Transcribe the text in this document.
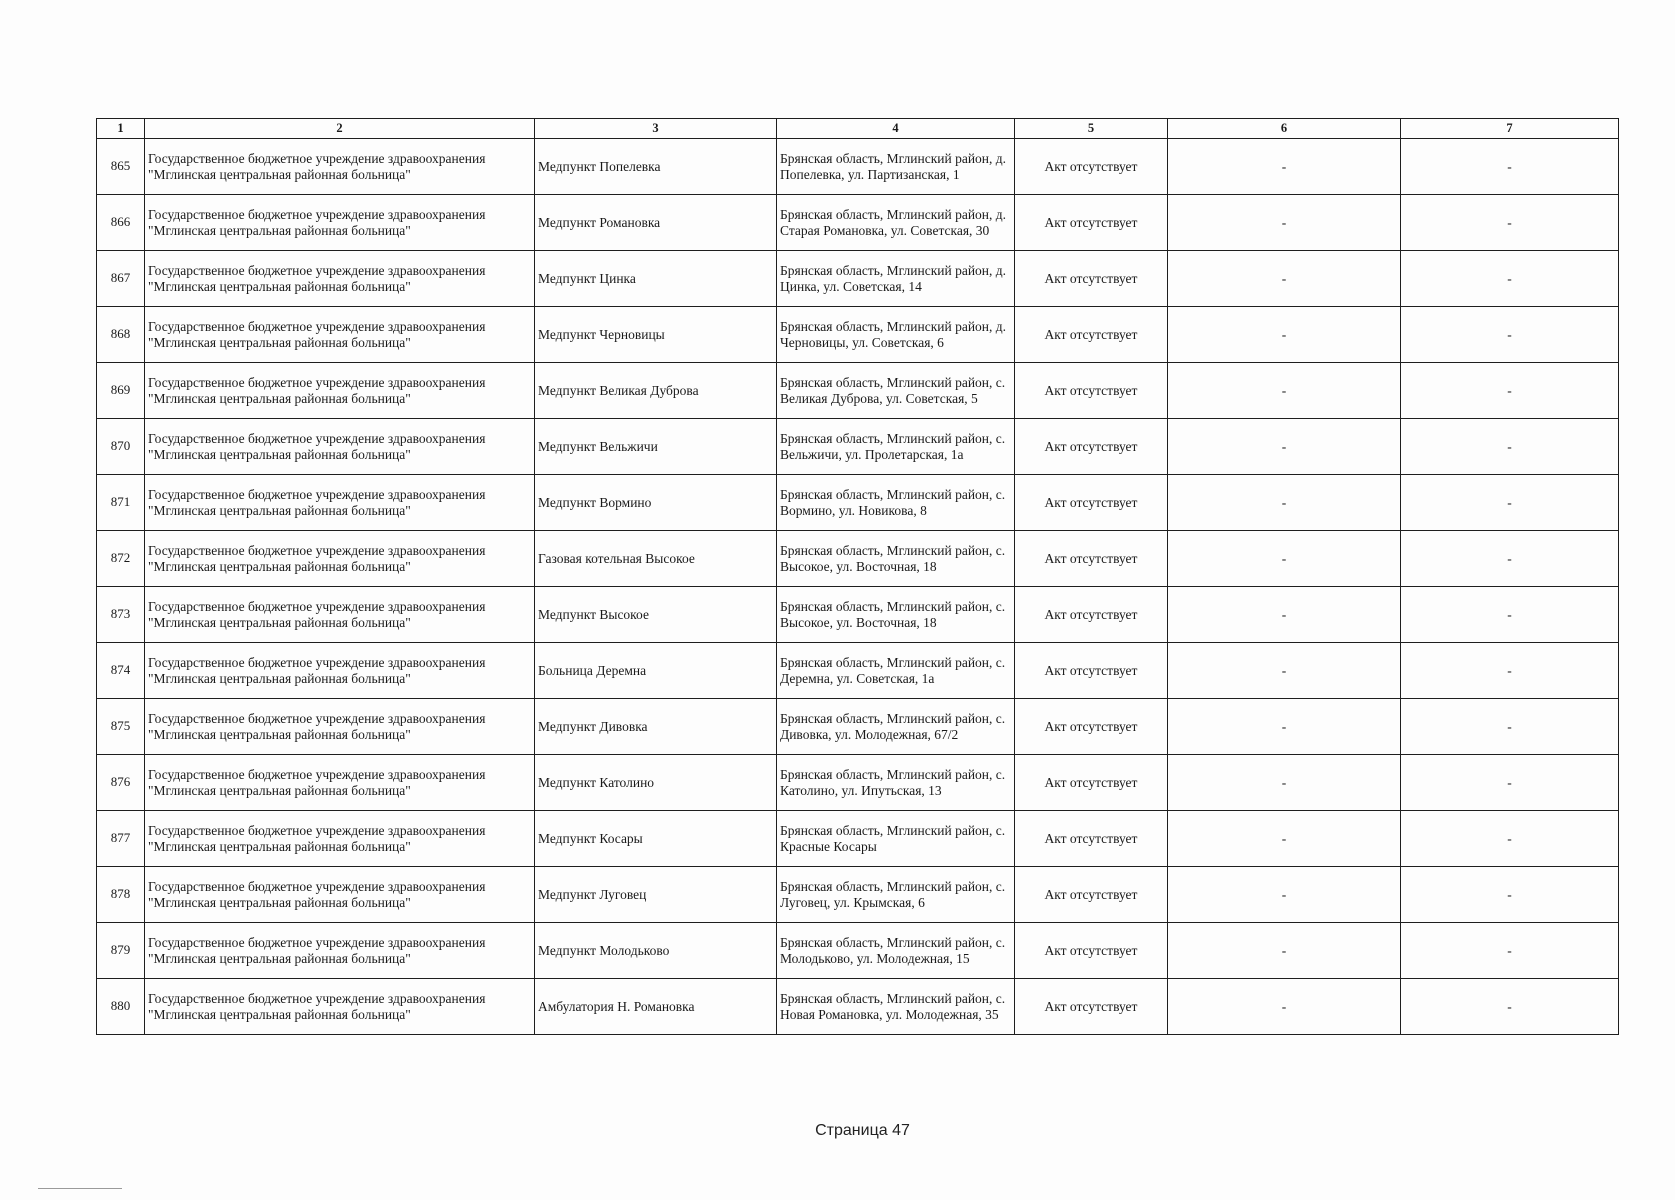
1	2	3	4	5	6	7
865	Государственное бюджетное учреждение здравоохранения "Мглинская центральная районная больница"	Медпункт Попелевка	Брянская область, Мглинский район, д. Попелевка, ул. Партизанская, 1	Акт отсутствует	-	-
866	Государственное бюджетное учреждение здравоохранения "Мглинская центральная районная больница"	Медпункт Романовка	Брянская область, Мглинский район, д. Старая Романовка, ул. Советская, 30	Акт отсутствует	-	-
867	Государственное бюджетное учреждение здравоохранения "Мглинская центральная районная больница"	Медпункт Цинка	Брянская область, Мглинский район, д. Цинка, ул. Советская, 14	Акт отсутствует	-	-
868	Государственное бюджетное учреждение здравоохранения "Мглинская центральная районная больница"	Медпункт Черновицы	Брянская область, Мглинский район, д. Черновицы, ул. Советская, 6	Акт отсутствует	-	-
869	Государственное бюджетное учреждение здравоохранения "Мглинская центральная районная больница"	Медпункт Великая Дуброва	Брянская область, Мглинский район, с. Великая Дуброва, ул. Советская, 5	Акт отсутствует	-	-
870	Государственное бюджетное учреждение здравоохранения "Мглинская центральная районная больница"	Медпункт Вельжичи	Брянская область, Мглинский район, с. Вельжичи, ул. Пролетарская, 1а	Акт отсутствует	-	-
871	Государственное бюджетное учреждение здравоохранения "Мглинская центральная районная больница"	Медпункт Вормино	Брянская область, Мглинский район, с. Вормино, ул. Новикова, 8	Акт отсутствует	-	-
872	Государственное бюджетное учреждение здравоохранения "Мглинская центральная районная больница"	Газовая котельная Высокое	Брянская область, Мглинский район, с. Высокое, ул. Восточная, 18	Акт отсутствует	-	-
873	Государственное бюджетное учреждение здравоохранения "Мглинская центральная районная больница"	Медпункт Высокое	Брянская область, Мглинский район, с. Высокое, ул. Восточная, 18	Акт отсутствует	-	-
874	Государственное бюджетное учреждение здравоохранения "Мглинская центральная районная больница"	Больница Деремна	Брянская область, Мглинский район, с. Деремна, ул. Советская, 1а	Акт отсутствует	-	-
875	Государственное бюджетное учреждение здравоохранения "Мглинская центральная районная больница"	Медпункт Дивовка	Брянская область, Мглинский район, с. Дивовка, ул. Молодежная, 67/2	Акт отсутствует	-	-
876	Государственное бюджетное учреждение здравоохранения "Мглинская центральная районная больница"	Медпункт Католино	Брянская область, Мглинский район, с. Католино, ул. Ипутьская, 13	Акт отсутствует	-	-
877	Государственное бюджетное учреждение здравоохранения "Мглинская центральная районная больница"	Медпункт Косары	Брянская область, Мглинский район, с. Красные Косары	Акт отсутствует	-	-
878	Государственное бюджетное учреждение здравоохранения "Мглинская центральная районная больница"	Медпункт Луговец	Брянская область, Мглинский район, с. Луговец, ул. Крымская, 6	Акт отсутствует	-	-
879	Государственное бюджетное учреждение здравоохранения "Мглинская центральная районная больница"	Медпункт Молодьково	Брянская область, Мглинский район, с. Молодьково, ул. Молодежная, 15	Акт отсутствует	-	-
880	Государственное бюджетное учреждение здравоохранения "Мглинская центральная районная больница"	Амбулатория Н. Романовка	Брянская область, Мглинский район, с. Новая Романовка, ул. Молодежная, 35	Акт отсутствует	-	-
Страница 47
